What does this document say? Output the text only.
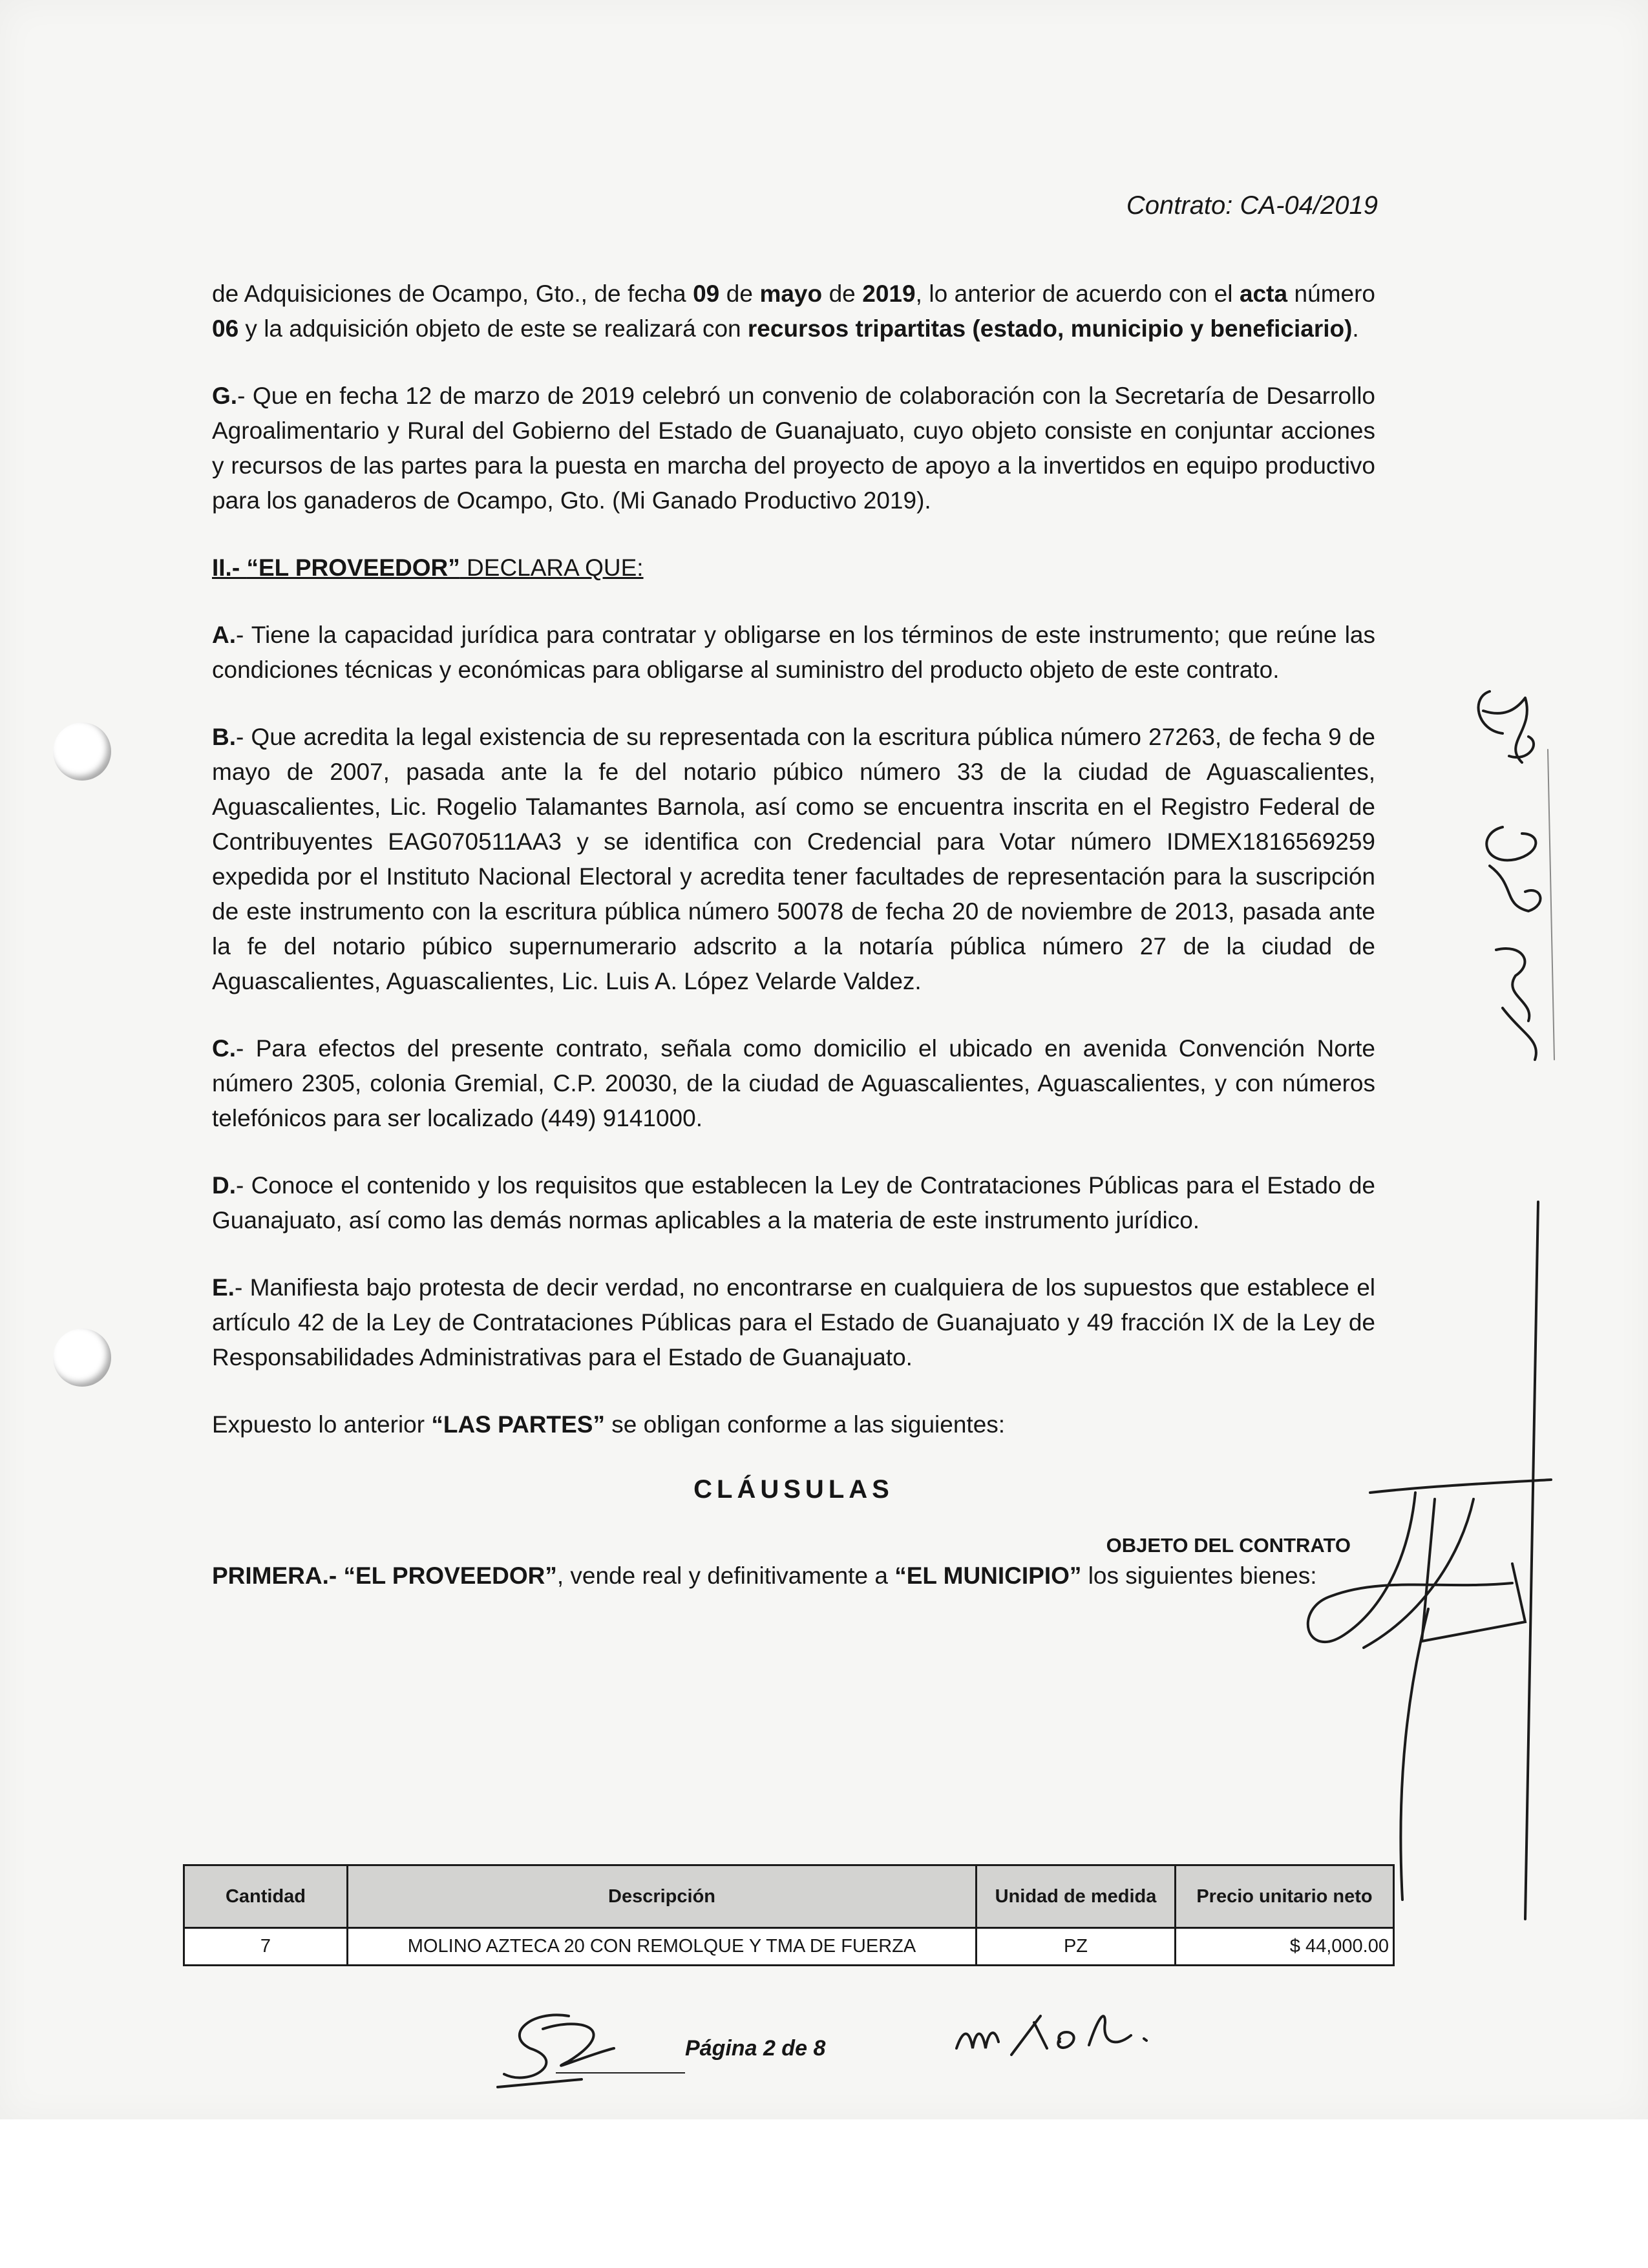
Contrato: CA-04/2019

de Adquisiciones de Ocampo, Gto., de fecha 09 de mayo de 2019, lo anterior de acuerdo con el acta número 06 y la adquisición objeto de este se realizará con recursos tripartitas (estado, municipio y beneficiario).

G.- Que en fecha 12 de marzo de 2019 celebró un convenio de colaboración con la Secretaría de Desarrollo Agroalimentario y Rural del Gobierno del Estado de Guanajuato, cuyo objeto consiste en conjuntar acciones y recursos de las partes para la puesta en marcha del proyecto de apoyo a la invertidos en equipo productivo para los ganaderos de Ocampo, Gto. (Mi Ganado Productivo 2019).

II.- “EL PROVEEDOR” DECLARA QUE:

A.- Tiene la capacidad jurídica para contratar y obligarse en los términos de este instrumento; que reúne las condiciones técnicas y económicas para obligarse al suministro del producto objeto de este contrato.

B.- Que acredita la legal existencia de su representada con la escritura pública número 27263, de fecha 9 de mayo de 2007, pasada ante la fe del notario púbico número 33 de la ciudad de Aguascalientes, Aguascalientes, Lic. Rogelio Talamantes Barnola, así como se encuentra inscrita en el Registro Federal de Contribuyentes EAG070511AA3 y se identifica con Credencial para Votar número IDMEX1816569259 expedida por el Instituto Nacional Electoral y acredita tener facultades de representación para la suscripción de este instrumento con la escritura pública número 50078 de fecha 20 de noviembre de 2013, pasada ante la fe del notario púbico supernumerario adscrito a la notaría pública número 27 de la ciudad de Aguascalientes, Aguascalientes, Lic. Luis A. López Velarde Valdez.

C.- Para efectos del presente contrato, señala como domicilio el ubicado en avenida Convención Norte número 2305, colonia Gremial, C.P. 20030, de la ciudad de Aguascalientes, Aguascalientes, y con números telefónicos para ser localizado (449) 9141000.

D.- Conoce el contenido y los requisitos que establecen la Ley de Contrataciones Públicas para el Estado de Guanajuato, así como las demás normas aplicables a la materia de este instrumento jurídico.

E.- Manifiesta bajo protesta de decir verdad, no encontrarse en cualquiera de los supuestos que establece el artículo 42 de la Ley de Contrataciones Públicas para el Estado de Guanajuato y 49 fracción IX de la Ley de Responsabilidades Administrativas para el Estado de Guanajuato.

Expuesto lo anterior “LAS PARTES” se obligan conforme a las siguientes:

CLÁUSULAS
OBJETO DEL CONTRATO

PRIMERA.- “EL PROVEEDOR”, vende real y definitivamente a “EL MUNICIPIO” los siguientes bienes:

Cantidad	Descripción	Unidad de medida	Precio unitario neto
7	MOLINO AZTECA 20 CON REMOLQUE Y TMA DE FUERZA	PZ	$ 44,000.00
Página 2 de 8
